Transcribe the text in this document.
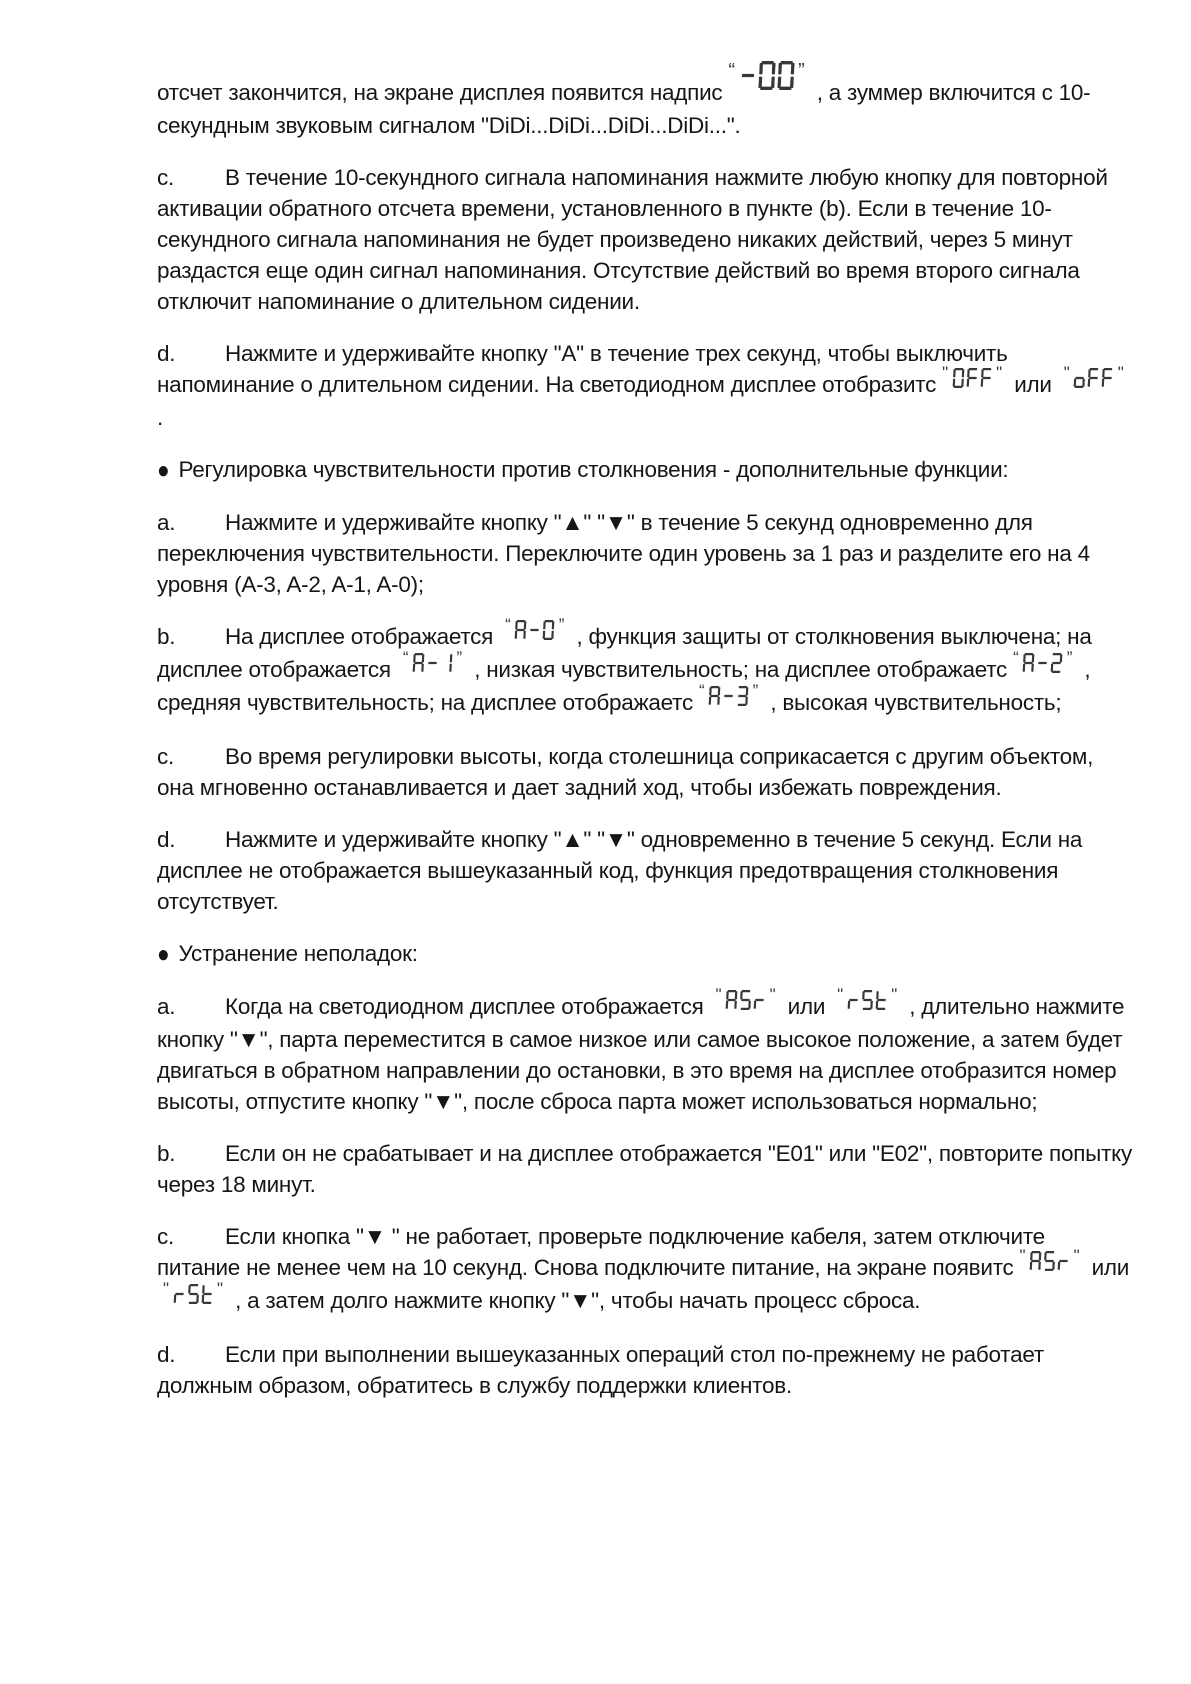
отсчет закончится, на экране дисплея появится надпис“	” , а зуммер включится с 10-секундным звуковым сигналом "DiDi...DiDi...DiDi...DiDi...".

c. В течение 10-секундного сигнала напоминания нажмите любую кнопку для повторной активации обратного отсчета времени, установленного в пункте (b). Если в течение 10-секундного сигнала напоминания не будет произведено никаких действий, через 5 минут раздастся еще один сигнал напоминания. Отсутствие действий во время второго сигнала отключит напоминание о длительном сидении.

d. Нажмите и удерживайте кнопку "A" в течение трех секунд, чтобы выключить напоминание о длительном сидении. На светодиодном дисплее отобразитс "	" или "	" .

● Регулировка чувствительности против столкновения - дополнительные функции:

a. Нажмите и удерживайте кнопку "▲" "▼" в течение 5 секунд одновременно для переключения чувствительности. Переключите один уровень за 1 раз и разделите его на 4 уровня (A-3, A-2, A-1, A-0);

b. На дисплее отображается “	” , функция защиты от столкновения выключена; на дисплее отображается “	” , низкая чувствительность; на дисплее отображаетс “	” , средняя чувствительность; на дисплее отображаетс “	” , высокая чувствительность;

c. Во время регулировки высоты, когда столешница соприкасается с другим объектом, она мгновенно останавливается и дает задний ход, чтобы избежать повреждения.

d. Нажмите и удерживайте кнопку "▲" "▼" одновременно в течение 5 секунд. Если на дисплее не отображается вышеуказанный код, функция предотвращения столкновения отсутствует.

● Устранение неполадок:

a. Когда на светодиодном дисплее отображается "	" или "	" , длительно нажмите кнопку "▼", парта переместится в самое низкое или самое высокое положение, а затем будет двигаться в обратном направлении до остановки, в это время на дисплее отобразится номер высоты, отпустите кнопку "▼", после сброса парта может использоваться нормально;

b. Если он не срабатывает и на дисплее отображается "E01" или "E02", повторите попытку через 18 минут.

c. Если кнопка "▼ " не работает, проверьте подключение кабеля, затем отключите питание не менее чем на 10 секунд. Снова подключите питание, на экране появитс "	" или "	" , а затем долго нажмите кнопку "▼", чтобы начать процесс сброса.

d. Если при выполнении вышеуказанных операций стол по-прежнему не работает должным образом, обратитесь в службу поддержки клиентов.
